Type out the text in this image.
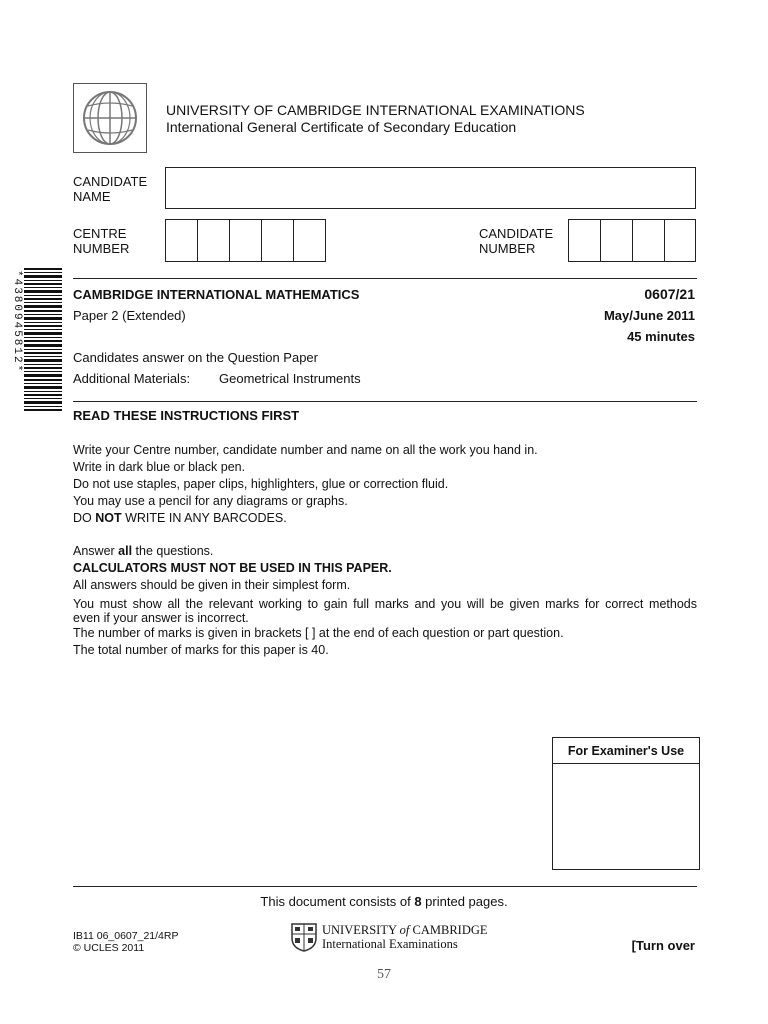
UNIVERSITY OF CAMBRIDGE INTERNATIONAL EXAMINATIONS
International General Certificate of Secondary Education
CANDIDATE
NAME
CENTRE
NUMBER
CANDIDATE
NUMBER
*4380945812*	CAMBRIDGE INTERNATIONAL MATHEMATICS	0607/21
Paper 2 (Extended)	May/June 2011
45 minutes
Candidates answer on the Question Paper
Additional Materials: Geometrical Instruments
READ THESE INSTRUCTIONS FIRST
Write your Centre number, candidate number and name on all the work you hand in.
Write in dark blue or black pen.
Do not use staples, paper clips, highlighters, glue or correction fluid.
You may use a pencil for any diagrams or graphs.
DO NOT WRITE IN ANY BARCODES.
Answer all the questions.
CALCULATORS MUST NOT BE USED IN THIS PAPER.
All answers should be given in their simplest form.
You must show all the relevant working to gain full marks and you will be given marks for correct methods
even if your answer is incorrect.
The number of marks is given in brackets [ ] at the end of each question or part question.
The total number of marks for this paper is 40.
For Examiner's Use
This document consists of 8 printed pages.
IB11 06_0607_21/4RP
© UCLES 2011
UNIVERSITY of CAMBRIDGE
International Examinations	[Turn over
57
